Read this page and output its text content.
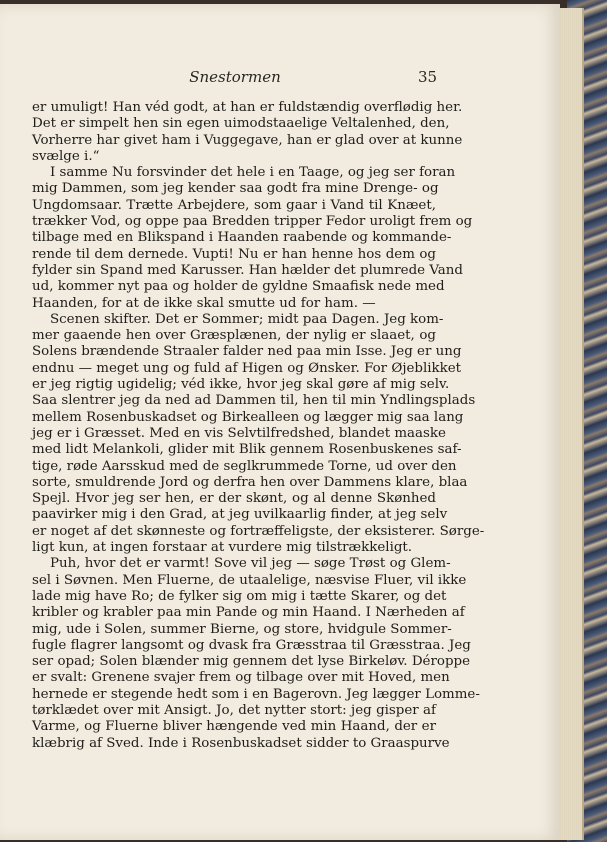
Snestormen	35
er umuligt! Han véd godt, at han er fuldstændig overflødig her.
Det er simpelt hen sin egen uimodstaaelige Veltalenhed, den,
Vorherre har givet ham i Vuggegave, han er glad over at kunne
svælge i.“
I samme Nu forsvinder det hele i en Taage, og jeg ser foran
mig Dammen, som jeg kender saa godt fra mine Drenge- og
Ungdomsaar. Trætte Arbejdere, som gaar i Vand til Knæet,
trækker Vod, og oppe paa Bredden tripper Fedor uroligt frem og
tilbage med en Blikspand i Haanden raabende og kommande-
rende til dem dernede. Vupti! Nu er han henne hos dem og
fylder sin Spand med Karusser. Han hælder det plumrede Vand
ud, kommer nyt paa og holder de gyldne Smaafisk nede med
Haanden, for at de ikke skal smutte ud for ham. —
Scenen skifter. Det er Sommer; midt paa Dagen. Jeg kom-
mer gaaende hen over Græsplænen, der nylig er slaaet, og
Solens brændende Straaler falder ned paa min Isse. Jeg er ung
endnu — meget ung og fuld af Higen og Ønsker. For Øjeblikket
er jeg rigtig ugidelig; véd ikke, hvor jeg skal gøre af mig selv.
Saa slentrer jeg da ned ad Dammen til, hen til min Yndlingsplads
mellem Rosenbuskadset og Birkealleen og lægger mig saa lang
jeg er i Græsset. Med en vis Selvtilfredshed, blandet maaske
med lidt Melankoli, glider mit Blik gennem Rosenbuskenes saf-
tige, røde Aarsskud med de seglkrummede Torne, ud over den
sorte, smuldrende Jord og derfra hen over Dammens klare, blaa
Spejl. Hvor jeg ser hen, er der skønt, og al denne Skønhed
paavirker mig i den Grad, at jeg uvilkaarlig finder, at jeg selv
er noget af det skønneste og fortræffeligste, der eksisterer. Sørge-
ligt kun, at ingen forstaar at vurdere mig tilstrækkeligt.
Puh, hvor det er varmt! Sove vil jeg — søge Trøst og Glem-
sel i Søvnen. Men Fluerne, de utaalelige, næsvise Fluer, vil ikke
lade mig have Ro; de fylker sig om mig i tætte Skarer, og det
kribler og krabler paa min Pande og min Haand. I Nærheden af
mig, ude i Solen, summer Bierne, og store, hvidgule Sommer-
fugle flagrer langsomt og dvask fra Græsstraa til Græsstraa. Jeg
ser opad; Solen blænder mig gennem det lyse Birkeløv. Déroppe
er svalt: Grenene svajer frem og tilbage over mit Hoved, men
hernede er stegende hedt som i en Bagerovn. Jeg lægger Lomme-
tørklædet over mit Ansigt. Jo, det nytter stort: jeg gisper af
Varme, og Fluerne bliver hængende ved min Haand, der er
klæbrig af Sved. Inde i Rosenbuskadset sidder to Graaspurve
